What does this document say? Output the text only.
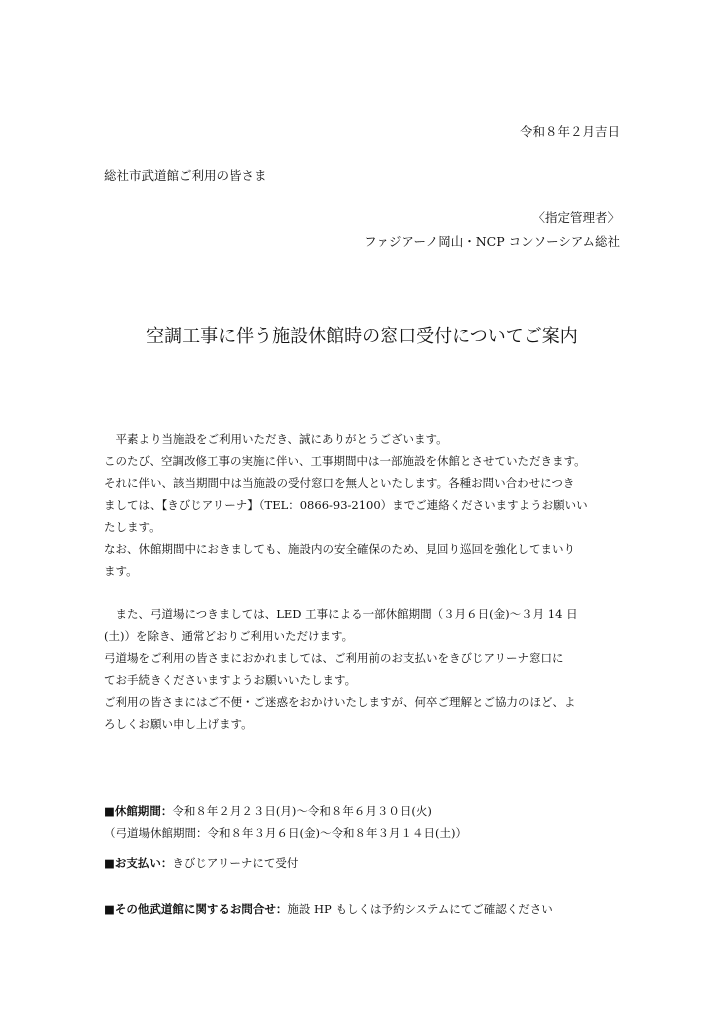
令和８年２月吉日
総社市武道館ご利用の皆さま
〈指定管理者〉
ファジアーノ岡山・NCP コンソーシアム総社
空調工事に伴う施設休館時の窓口受付についてご案内
　平素より当施設をご利用いただき、誠にありがとうございます。
このたび、空調改修工事の実施に伴い、工事期間中は一部施設を休館とさせていただきます。
それに伴い、該当期間中は当施設の受付窓口を無人といたします。各種お問い合わせにつき
ましては、【きびじアリーナ】（TEL：0866-93-2100）までご連絡くださいますようお願いい
たします。
なお、休館期間中におきましても、施設内の安全確保のため、見回り巡回を強化してまいり
ます。
　また、弓道場につきましては、LED 工事による一部休館期間（３月６日(金)～３月 14 日
(土)）を除き、通常どおりご利用いただけます。
弓道場をご利用の皆さまにおかれましては、ご利用前のお支払いをきびじアリーナ窓口に
てお手続きくださいますようお願いいたします。
ご利用の皆さまにはご不便・ご迷惑をおかけいたしますが、何卒ご理解とご協力のほど、よ
ろしくお願い申し上げます。
■休館期間：令和８年２月２３日(月)～令和８年６月３０日(火)
（弓道場休館期間：令和８年３月６日(金)～令和８年３月１４日(土)）
■お支払い：きびじアリーナにて受付
■その他武道館に関するお問合せ：施設 HP もしくは予約システムにてご確認ください
